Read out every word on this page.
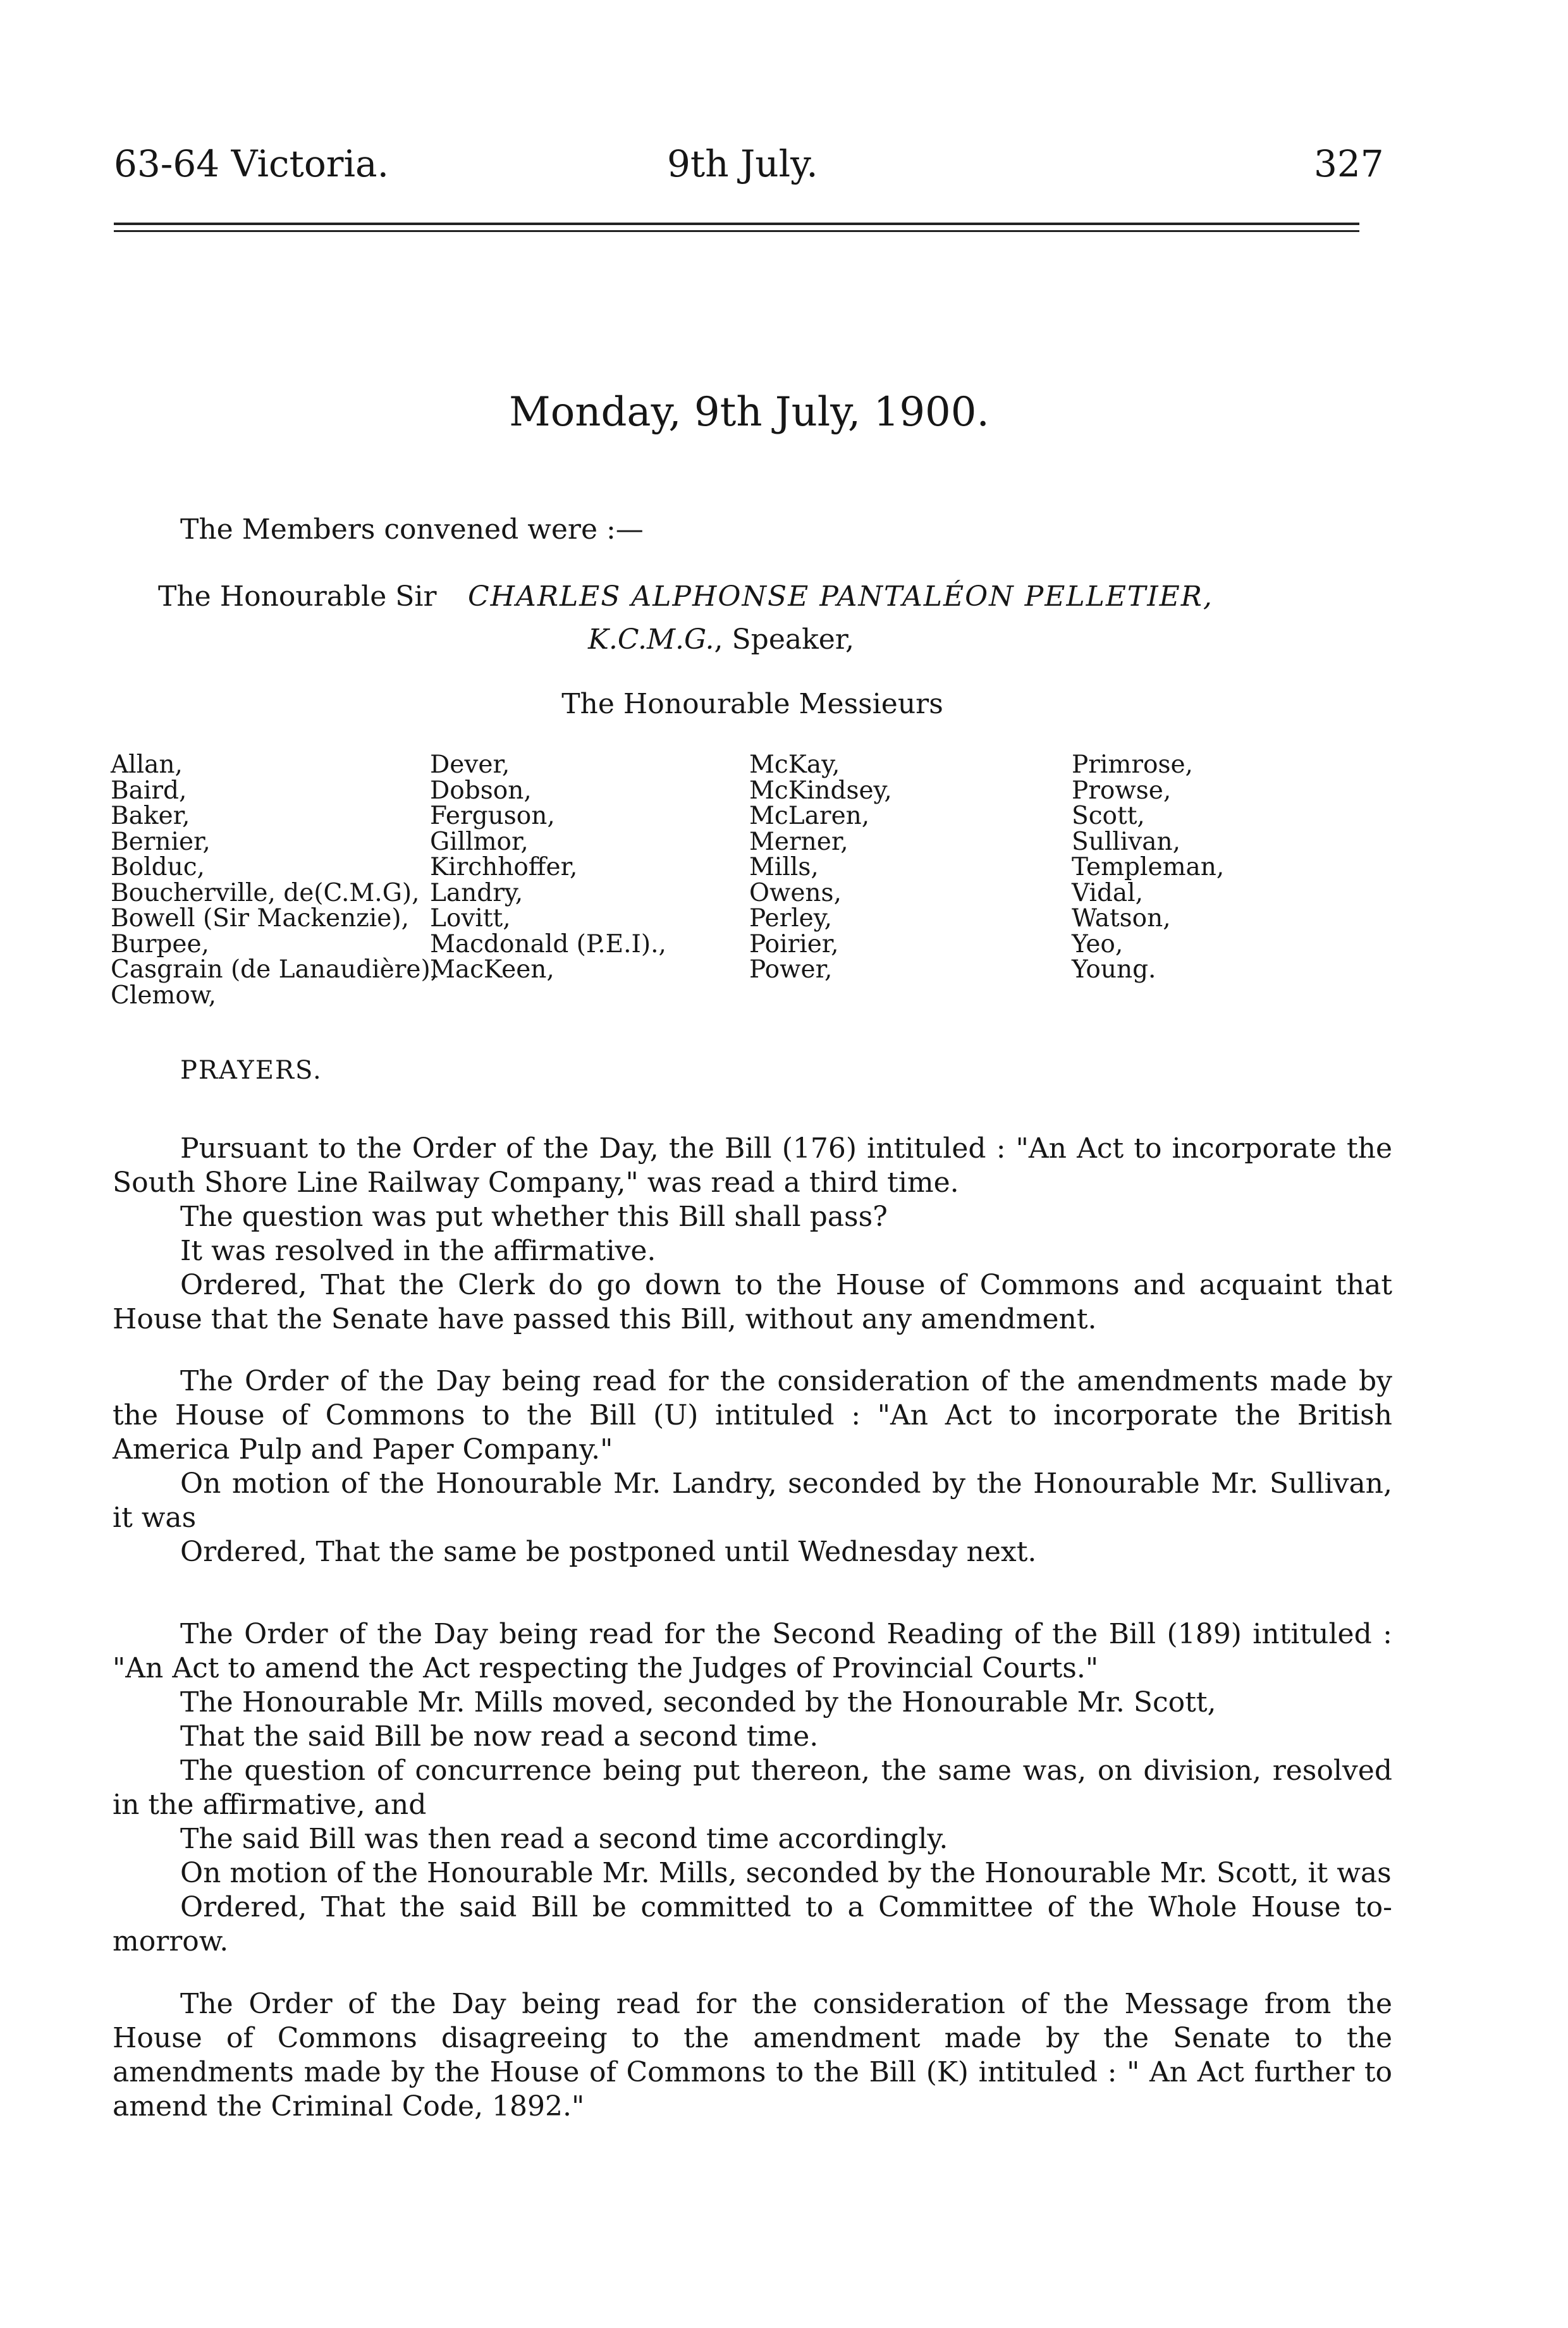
63-64 Victoria.	9th July.	327
Monday, 9th July, 1900.
The Members convened were :—
The Honourable Sir CHARLES ALPHONSE PANTALÉON PELLETIER,
K.C.M.G., Speaker,
The Honourable Messieurs
Allan,
Baird,
Baker,
Bernier,
Bolduc,
Boucherville, de(C.M.G),
Bowell (Sir Mackenzie),
Burpee,
Casgrain (de Lanaudière),
Clemow,
Dever,
Dobson,
Ferguson,
Gillmor,
Kirchhoffer,
Landry,
Lovitt,
Macdonald (P.E.I).,
MacKeen,
McKay,
McKindsey,
McLaren,
Merner,
Mills,
Owens,
Perley,
Poirier,
Power,
Primrose,
Prowse,
Scott,
Sullivan,
Templeman,
Vidal,
Watson,
Yeo,
Young.
PRAYERS.

Pursuant to the Order of the Day, the Bill (176) intituled : "An Act to incorporate the South Shore Line Railway Company," was read a third time.

The question was put whether this Bill shall pass?

It was resolved in the affirmative.

Ordered, That the Clerk do go down to the House of Commons and acquaint that House that the Senate have passed this Bill, without any amendment.

The Order of the Day being read for the consideration of the amendments made by the House of Commons to the Bill (U) intituled : "An Act to incorporate the British America Pulp and Paper Company."

On motion of the Honourable Mr. Landry, seconded by the Honourable Mr. Sullivan, it was

Ordered, That the same be postponed until Wednesday next.

The Order of the Day being read for the Second Reading of the Bill (189) intituled : "An Act to amend the Act respecting the Judges of Provincial Courts."

The Honourable Mr. Mills moved, seconded by the Honourable Mr. Scott,

That the said Bill be now read a second time.

The question of concurrence being put thereon, the same was, on division, resolved in the affirmative, and

The said Bill was then read a second time accordingly.

On motion of the Honourable Mr. Mills, seconded by the Honourable Mr. Scott, it was

Ordered, That the said Bill be committed to a Committee of the Whole House to-morrow.

The Order of the Day being read for the consideration of the Message from the House of Commons disagreeing to the amendment made by the Senate to the amendments made by the House of Commons to the Bill (K) intituled : " An Act further to amend the Criminal Code, 1892."
